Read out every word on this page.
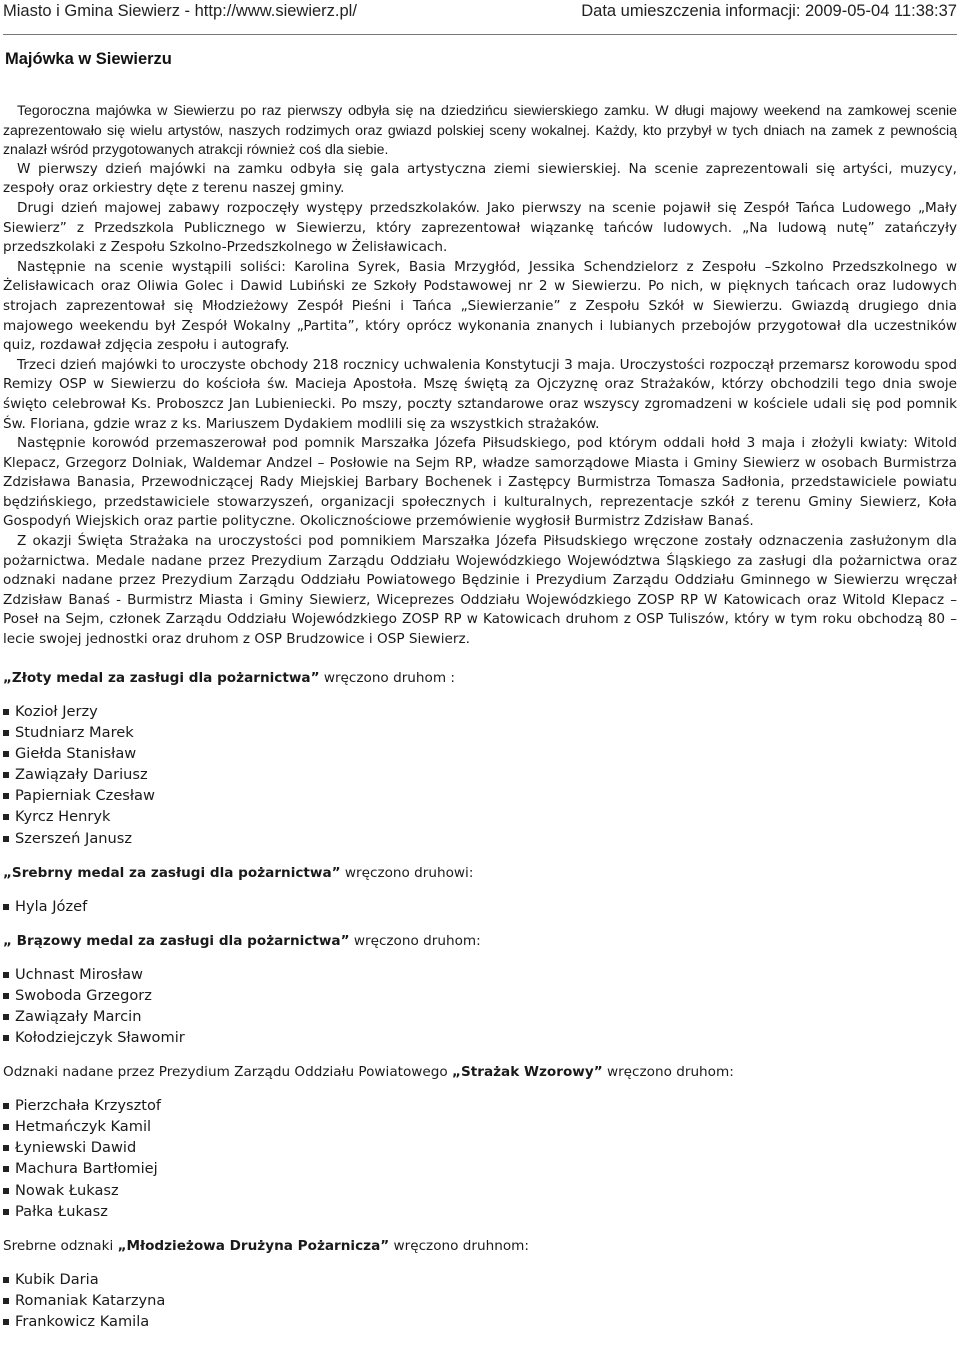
Miasto i Gmina Siewierz - http://www.siewierz.pl/	Data umieszczenia informacji: 2009-05-04 11:38:37
Majówka w Siewierzu

Tegoroczna majówka w Siewierzu po raz pierwszy odbyła się na dziedzińcu siewierskiego zamku. W długi majowy weekend na zamkowej scenie zaprezentowało się wielu artystów, naszych rodzimych oraz gwiazd polskiej sceny wokalnej. Każdy, kto przybył w tych dniach na zamek z pewnością znalazł wśród przygotowanych atrakcji również coś dla siebie.

W pierwszy dzień majówki na zamku odbyła się gala artystyczna ziemi siewierskiej. Na scenie zaprezentowali się artyści, muzycy, zespoły oraz orkiestry dęte z terenu naszej gminy.

Drugi dzień majowej zabawy rozpoczęły występy przedszkolaków. Jako pierwszy na scenie pojawił się Zespół Tańca Ludowego „Mały Siewierz” z Przedszkola Publicznego w Siewierzu, który zaprezentował wiązankę tańców ludowych. „Na ludową nutę” zatańczyły przedszkolaki z Zespołu Szkolno-Przedszkolnego w Żelisławicach.

Następnie na scenie wystąpili soliści: Karolina Syrek, Basia Mrzygłód, Jessika Schendzielorz z Zespołu –Szkolno Przedszkolnego w Żelisławicach oraz Oliwia Golec i Dawid Lubiński ze Szkoły Podstawowej nr 2 w Siewierzu. Po nich, w pięknych tańcach oraz ludowych strojach zaprezentował się Młodzieżowy Zespół Pieśni i Tańca „Siewierzanie” z Zespołu Szkół w Siewierzu. Gwiazdą drugiego dnia majowego weekendu był Zespół Wokalny „Partita”, który oprócz wykonania znanych i lubianych przebojów przygotował dla uczestników quiz, rozdawał zdjęcia zespołu i autografy.

Trzeci dzień majówki to uroczyste obchody 218 rocznicy uchwalenia Konstytucji 3 maja. Uroczystości rozpoczął przemarsz korowodu spod Remizy OSP w Siewierzu do kościoła św. Macieja Apostoła. Mszę świętą za Ojczyznę oraz Strażaków, którzy obchodzili tego dnia swoje święto celebrował Ks. Proboszcz Jan Lubieniecki. Po mszy, poczty sztandarowe oraz wszyscy zgromadzeni w kościele udali się pod pomnik Św. Floriana, gdzie wraz z ks. Mariuszem Dydakiem modlili się za wszystkich strażaków.

Następnie korowód przemaszerował pod pomnik Marszałka Józefa Piłsudskiego, pod którym oddali hołd 3 maja i złożyli kwiaty: Witold Klepacz, Grzegorz Dolniak, Waldemar Andzel – Posłowie na Sejm RP, władze samorządowe Miasta i Gminy Siewierz w osobach Burmistrza Zdzisława Banasia, Przewodniczącej Rady Miejskiej Barbary Bochenek i Zastępcy Burmistrza Tomasza Sadłonia, przedstawiciele powiatu będzińskiego, przedstawiciele stowarzyszeń, organizacji społecznych i kulturalnych, reprezentacje szkół z terenu Gminy Siewierz, Koła Gospodyń Wiejskich oraz partie polityczne. Okolicznościowe przemówienie wygłosił Burmistrz Zdzisław Banaś.

Z okazji Święta Strażaka na uroczystości pod pomnikiem Marszałka Józefa Piłsudskiego wręczone zostały odznaczenia zasłużonym dla pożarnictwa. Medale nadane przez Prezydium Zarządu Oddziału Wojewódzkiego Województwa Śląskiego za zasługi dla pożarnictwa oraz odznaki nadane przez Prezydium Zarządu Oddziału Powiatowego Będzinie i Prezydium Zarządu Oddziału Gminnego w Siewierzu wręczał Zdzisław Banaś - Burmistrz Miasta i Gminy Siewierz, Wiceprezes Oddziału Wojewódzkiego ZOSP RP W Katowicach oraz Witold Klepacz – Poseł na Sejm, członek Zarządu Oddziału Wojewódzkiego ZOSP RP w Katowicach druhom z OSP Tuliszów, który w tym roku obchodzą 80 – lecie swojej jednostki oraz druhom z OSP Brudzowice i OSP Siewierz.

„Złoty medal za zasługi dla pożarnictwa” wręczono druhom :

Kozioł Jerzy
Studniarz Marek
Giełda Stanisław
Zawiązały Dariusz
Papierniak Czesław
Kyrcz Henryk
Szerszeń Janusz

„Srebrny medal za zasługi dla pożarnictwa” wręczono druhowi:

Hyla Józef

„ Brązowy medal za zasługi dla pożarnictwa” wręczono druhom:

Uchnast Mirosław
Swoboda Grzegorz
Zawiązały Marcin
Kołodziejczyk Sławomir

Odznaki nadane przez Prezydium Zarządu Oddziału Powiatowego „Strażak Wzorowy” wręczono druhom:

Pierzchała Krzysztof
Hetmańczyk Kamil
Łyniewski Dawid
Machura Bartłomiej
Nowak Łukasz
Pałka Łukasz

Srebrne odznaki „Młodzieżowa Drużyna Pożarnicza” wręczono druhnom:

Kubik Daria
Romaniak Katarzyna
Frankowicz Kamila
